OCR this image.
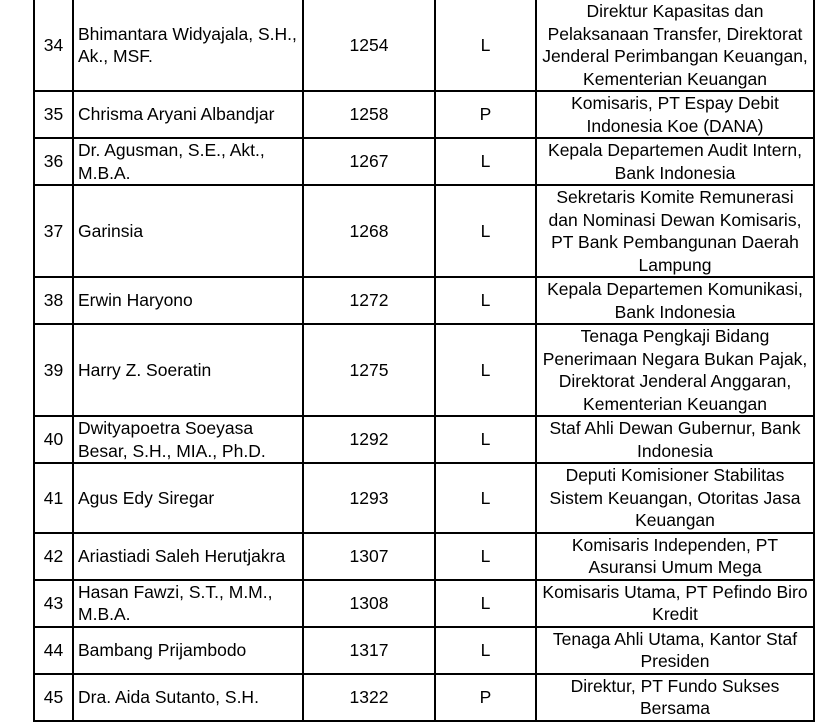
34	Bhimantara Widyajala, S.H., Ak., MSF.	1254	L	Direktur Kapasitas dan Pelaksanaan Transfer, Direktorat Jenderal Perimbangan Keuangan, Kementerian Keuangan
35	Chrisma Aryani Albandjar	1258	P	Komisaris, PT Espay Debit Indonesia Koe (DANA)
36	Dr. Agusman, S.E., Akt., M.B.A.	1267	L	Kepala Departemen Audit Intern, Bank Indonesia
37	Garinsia	1268	L	Sekretaris Komite Remunerasi dan Nominasi Dewan Komisaris, PT Bank Pembangunan Daerah Lampung
38	Erwin Haryono	1272	L	Kepala Departemen Komunikasi, Bank Indonesia
39	Harry Z. Soeratin	1275	L	Tenaga Pengkaji Bidang Penerimaan Negara Bukan Pajak, Direktorat Jenderal Anggaran, Kementerian Keuangan
40	Dwityapoetra Soeyasa Besar, S.H., MIA., Ph.D.	1292	L	Staf Ahli Dewan Gubernur, Bank Indonesia
41	Agus Edy Siregar	1293	L	Deputi Komisioner Stabilitas Sistem Keuangan, Otoritas Jasa Keuangan
42	Ariastiadi Saleh Herutjakra	1307	L	Komisaris Independen, PT Asuransi Umum Mega
43	Hasan Fawzi, S.T., M.M., M.B.A.	1308	L	Komisaris Utama, PT Pefindo Biro Kredit
44	Bambang Prijambodo	1317	L	Tenaga Ahli Utama, Kantor Staf Presiden
45	Dra. Aida Sutanto, S.H.	1322	P	Direktur, PT Fundo Sukses Bersama
